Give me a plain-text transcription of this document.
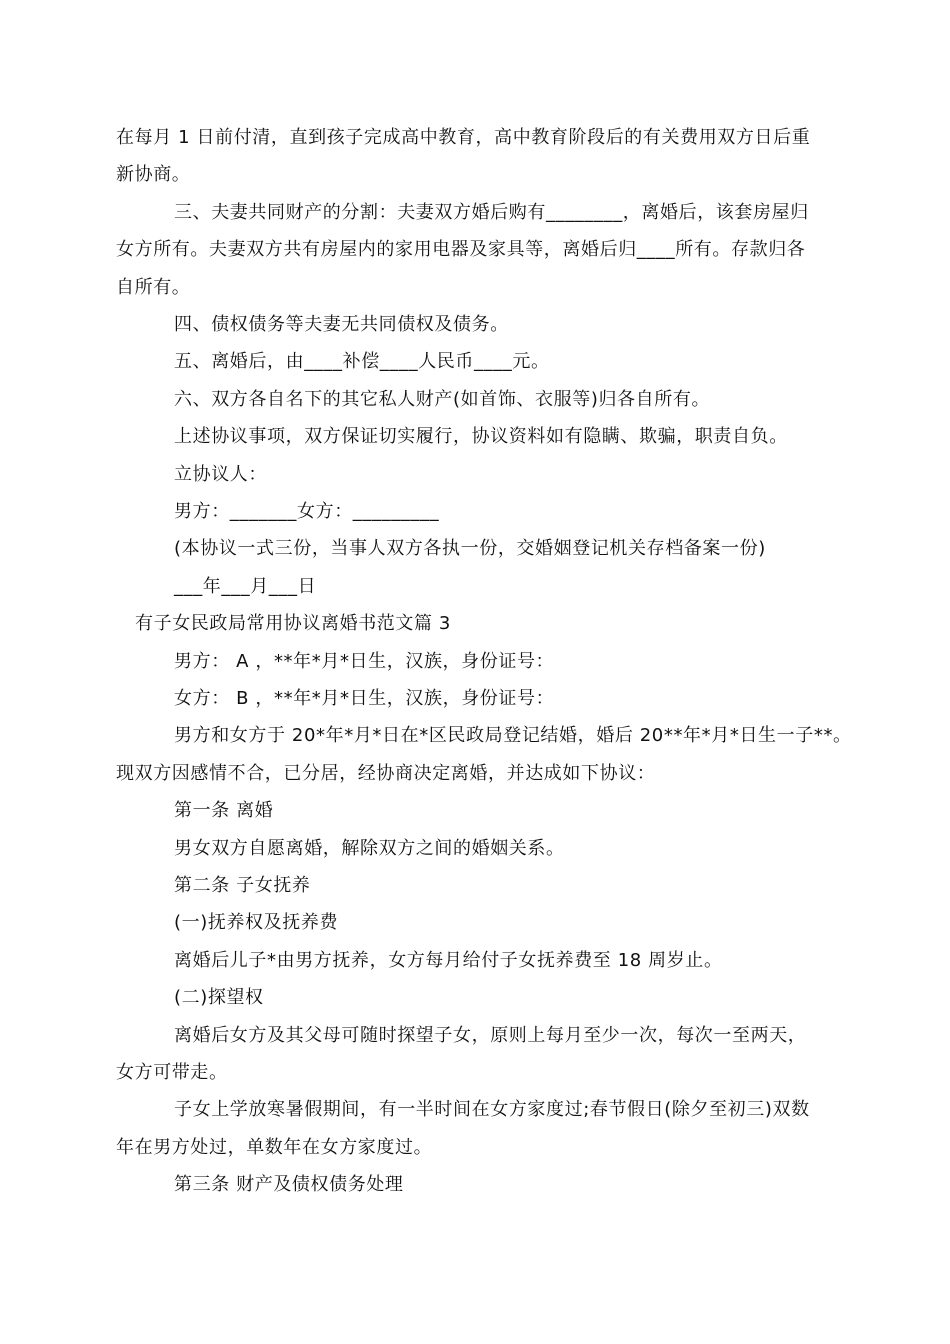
在每月 1 日前付清，直到孩子完成高中教育，高中教育阶段后的有关费用双方日后重
新协商。
三、夫妻共同财产的分割：夫妻双方婚后购有________，离婚后，该套房屋归
女方所有。夫妻双方共有房屋内的家用电器及家具等，离婚后归____所有。存款归各
自所有。
四、债权债务等夫妻无共同债权及债务。
五、离婚后，由____补偿____人民币____元。
六、双方各自名下的其它私人财产(如首饰、衣服等)归各自所有。
上述协议事项，双方保证切实履行，协议资料如有隐瞒、欺骗，职责自负。
立协议人：
男方：_______女方：_________
(本协议一式三份，当事人双方各执一份，交婚姻登记机关存档备案一份)
___年___月___日
有子女民政局常用协议离婚书范文篇 3
男方： A ，**年*月*日生，汉族，身份证号：
女方： B ，**年*月*日生，汉族，身份证号：
男方和女方于 20*年*月*日在*区民政局登记结婚，婚后 20**年*月*日生一子**。
现双方因感情不合，已分居，经协商决定离婚，并达成如下协议：
第一条 离婚
男女双方自愿离婚，解除双方之间的婚姻关系。
第二条 子女抚养
(一)抚养权及抚养费
离婚后儿子*由男方抚养，女方每月给付子女抚养费至 18 周岁止。
(二)探望权
离婚后女方及其父母可随时探望子女，原则上每月至少一次，每次一至两天，
女方可带走。
子女上学放寒暑假期间，有一半时间在女方家度过;春节假日(除夕至初三)双数
年在男方处过，单数年在女方家度过。
第三条 财产及债权债务处理
